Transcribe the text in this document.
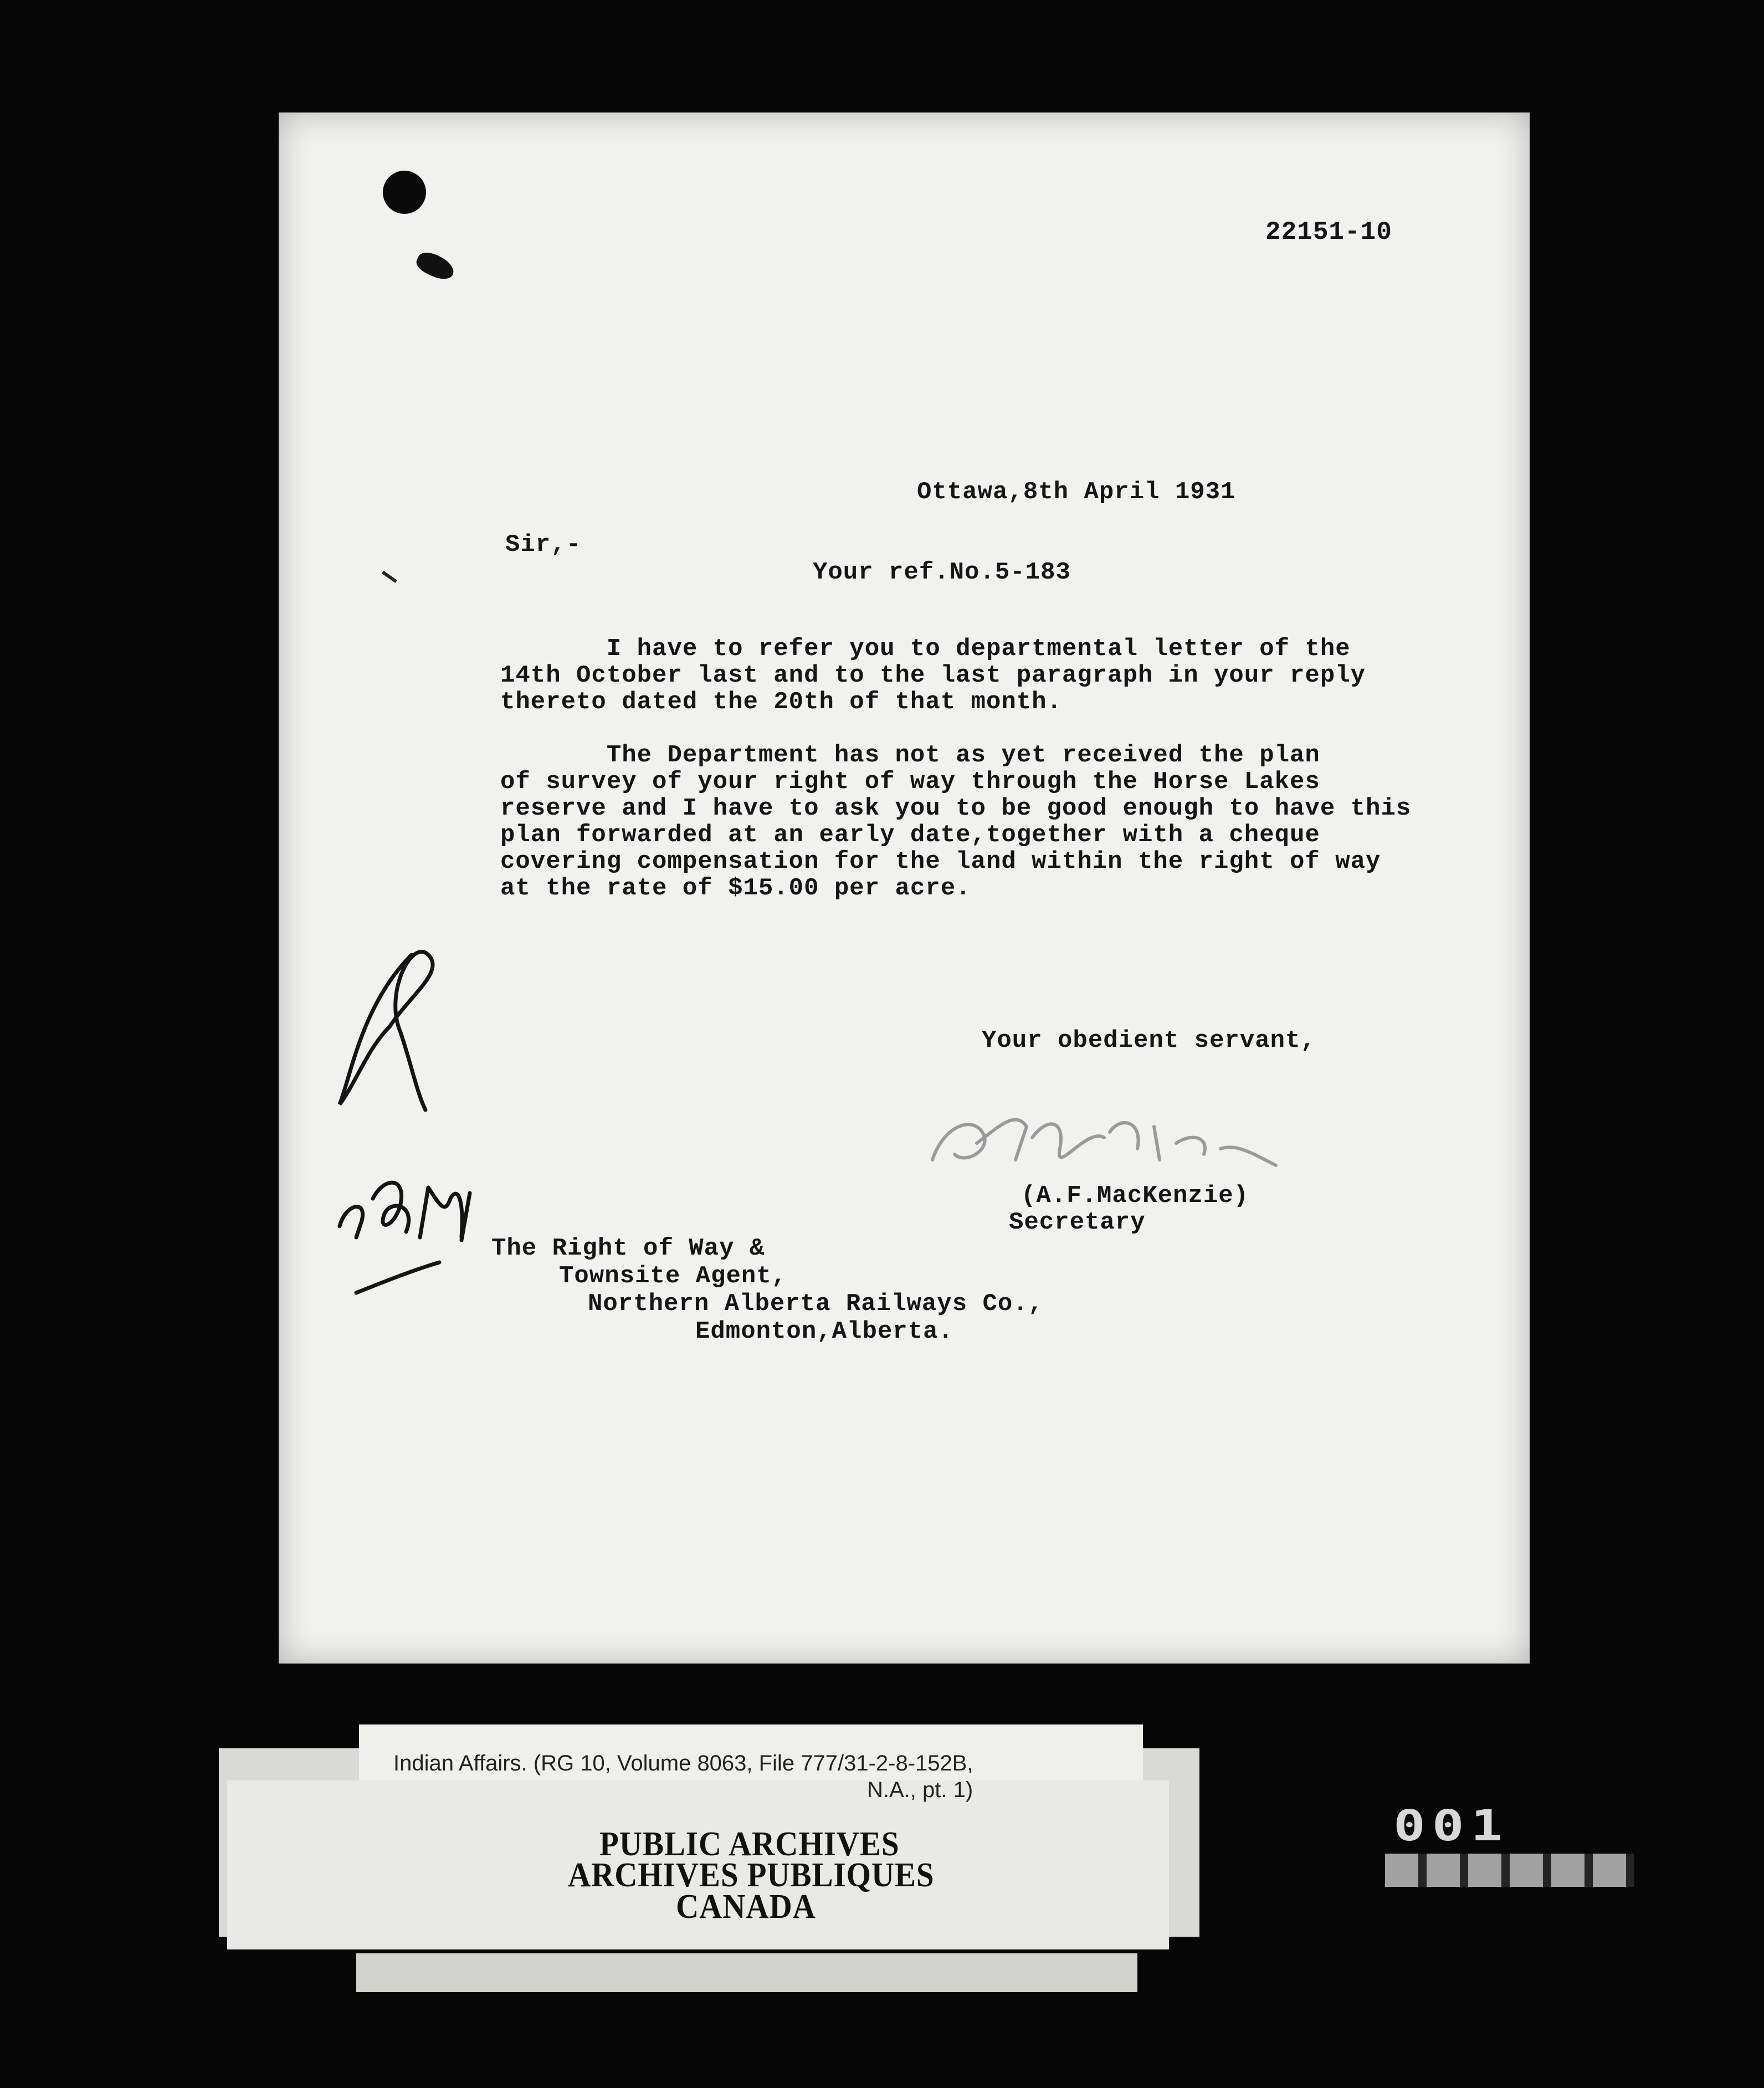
22151-10
Ottawa,8th April 1931
Sir,-
Your ref.No.5-183
I have to refer you to departmental letter of the
14th October last and to the last paragraph in your reply
thereto dated the 20th of that month.
The Department has not as yet received the plan
of survey of your right of way through the Horse Lakes
reserve and I have to ask you to be good enough to have this
plan forwarded at an early date,together with a cheque
covering compensation for the land within the right of way
at the rate of $15.00 per acre.
Your obedient servant,
(A.F.MacKenzie)
Secretary
The Right of Way &
Townsite Agent,
Northern Alberta Railways Co.,
Edmonton,Alberta.
Indian Affairs. (RG 10, Volume 8063, File 777/31-2-8-152B,
N.A., pt. 1)
PUBLIC ARCHIVES
ARCHIVES PUBLIQUES
CANADA
001
